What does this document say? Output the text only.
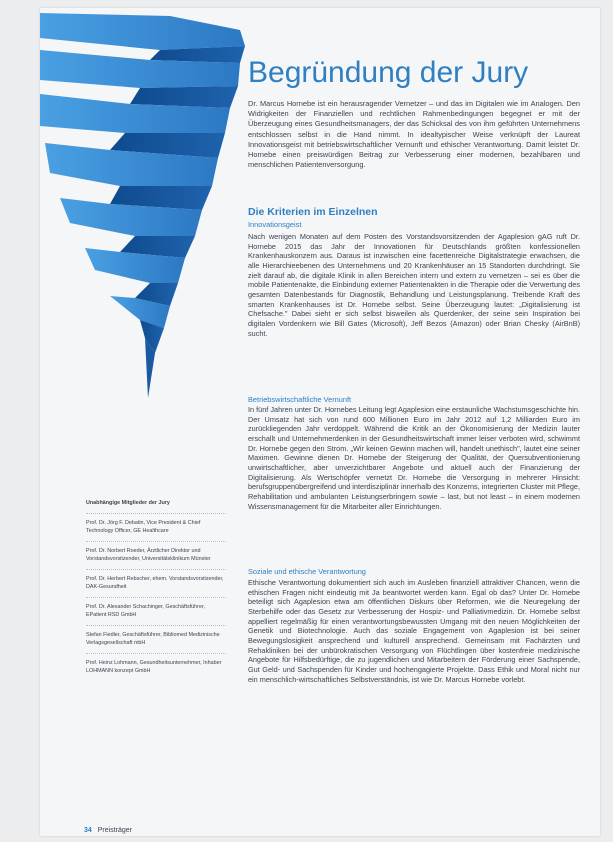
Begründung der Jury
Dr. Marcus Hornebe ist ein herausragender Vernetzer – und das im Digitalen wie im Analogen. Den Widrigkeiten der Finanziellen und rechtlichen Rahmenbedingungen begegnet er mit der Überzeugung eines Gesundheitsmanagers, der das Schicksal des von ihm geführten Unternehmens entschlossen selbst in die Hand nimmt. In idealtypischer Weise verknüpft der Laureat Innovationsgeist mit betriebswirtschaftlicher Vernunft und ethischer Verantwortung. Damit leistet Dr. Hornebe einen preiswürdigen Beitrag zur Verbesserung einer modernen, bezahlbaren und menschlichen Patientenversorgung.
Die Kriterien im Einzelnen
Innovationsgeist
Nach wenigen Monaten auf dem Posten des Vorstandsvorsitzenden der Agaplesion gAG ruft Dr. Hornebe 2015 das Jahr der Innovationen für Deutschlands größten konfessionellen Krankenhauskonzern aus. Daraus ist inzwischen eine facettenreiche Digitalstrategie erwachsen, die alle Hierarchieebenen des Unternehmens und 20 Krankenhäuser an 15 Standorten durchdringt. Sie zielt darauf ab, die digitale Klinik in allen Bereichen intern und extern zu vernetzen – sei es über die mobile Patientenakte, die Einbindung externer Patientenakten in die Therapie oder die Verwertung des gesamten Datenbestands für Diagnostik, Behandlung und Leistungsplanung. Treibende Kraft des smarten Krankenhauses ist Dr. Hornebe selbst. Seine Überzeugung lautet: „Digitalisierung ist Chefsache." Dabei sieht er sich selbst bisweilen als Querdenker, der seine sein Inspiration bei digitalen Vordenkern wie Bill Gates (Microsoft), Jeff Bezos (Amazon) oder Brian Chesky (AirBnB) sucht.
Betriebswirtschaftliche Vernunft
In fünf Jahren unter Dr. Hornebes Leitung legt Agaplesion eine erstaunliche Wachstumsgeschichte hin. Der Umsatz hat sich von rund 600 Millionen Euro im Jahr 2012 auf 1,2 Milliarden Euro im zurückliegenden Jahr verdoppelt. Während die Kritik an der Ökonomisierung der Medizin lauter erschallt und Unternehmerdenken in der Gesundheitswirtschaft immer leiser verboten wird, schwimmt Dr. Hornebe gegen den Strom. „Wir keinen Gewinn machen will, handelt unethisch", lautet eine seiner Maximen. Gewinne dienen Dr. Hornebe der Steigerung der Qualität, der Quersubventionierung unwirtschaftlicher, aber unverzichtbarer Angebote und aktuell auch der Finanzierung der Digitalisierung. Als Wertschöpfer vernetzt Dr. Hornebe die Versorgung in mehrerer Hinsicht: berufsgruppenübergreifend und interdisziplinär innerhalb des Konzerns, integrierten Cluster mit Pflege, Rehabilitation und ambulanten Leistungserbringern sowie – last, but not least – in einem modernen Wissensmanagement für die Mitarbeiter aller Einrichtungen.
Soziale und ethische Verantwortung
Ethische Verantwortung dokumentiert sich auch im Ausleben finanziell attraktiver Chancen, wenn die ethischen Fragen nicht eindeutig mit Ja beantwortet werden kann. Egal ob das? Unter Dr. Hornebe beteiligt sich Agaplesion etwa am öffentlichen Diskurs über Reformen, wie die Neuregelung der Sterbehilfe oder das Gesetz zur Verbesserung der Hospiz- und Palliativmedizin. Dr. Hornebe selbst appelliert regelmäßig für einen verantwortungsbewussten Umgang mit den neuen Möglichkeiten der Genetik und Biotechnologie. Auch das soziale Engagement von Agaplesion ist bei seiner Bewegungslosigkeit ansprechend und kulturell ansprechend. Gemeinsam mit Fachärzten und Rehakliniken bei der unbürokratischen Versorgung von Flüchtlingen über kostenfreie medizinische Angebote für Hilfsbedürftige, die zu jugendlichen und Mitarbeitern der Förderung einer Sachspende, Gut Geld- und Sachspenden für Kinder und hochengagierte Projekte. Dass Ethik und Moral nicht nur ein menschlich-wirtschaftliches Selbstverständnis, ist wie Dr. Marcus Hornebe vorlebt.
Unabhängige Mitglieder der Jury
Prof. Dr. Jörg F. Debatin, Vice President & Chief Technology Officer, GE Healthcare
Prof. Dr. Norbert Roeder, Ärztlicher Direktor und Vorstandsvorsitzender, Universitätsklinikum Münster
Prof. Dr. Herbert Rebscher, ehem. Vorstandsvorsitzender, DAK-Gesundheit
Prof. Dr. Alexander Schachinger, Geschäftsführer, EPatient RSD GmbH
Stefan Fiedler, Geschäftsführer, Bibliomed Medizinische Verlagsgesellschaft mbH
Prof. Heinz Lohmann, Gesundheitsunternehmer, Inhaber LOHMANN konzept GmbH
34 Preisträger
